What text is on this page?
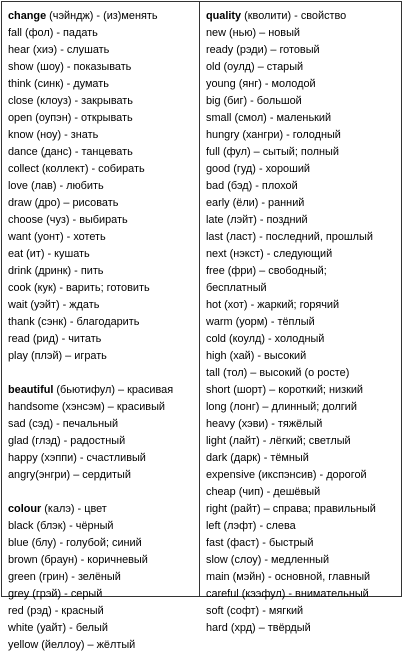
change (чэйндж) - (из)менять
fall (фол) - падать
hear (хиэ) - слушать
show (шоу) - показывать
think (синк) - думать
close (клоуз) - закрывать
open (оупэн) - открывать
know (ноу) - знать
dance (данс) - танцевать
collect (коллект) - собирать
love (лав) - любить
draw (дро) – рисовать
choose (чуз) - выбирать
want (уонт) - хотеть
eat (ит) - кушать
drink (дринк) - пить
cook (кук) - варить; готовить
wait (уэйт) - ждать
thank (сэнк) - благодарить
read (рид) - читать
play (плэй) – играть
beautiful (бьютифул) – красивая
handsome (хэнсэм) – красивый
sad (сэд) - печальный
glad (глэд) - радостный
happy (хэппи) - счастливый
angry(энгри) – сердитый
colour (калэ) - цвет
black (блэк) - чёрный
blue (блу) - голубой; синий
brown (браун) - коричневый
green (грин) - зелёный
grey (грэй) - серый
red (рэд) - красный
white (уайт) - белый
yellow (йеллоу) – жёлтый
quality (кволити) - свойство
new (нью) – новый
ready (рэди) – готовый
old (оулд) – старый
young (янг) - молодой
big (биг) - большой
small (смол) - маленький
hungry (хангри) - голодный
full (фул) – сытый; полный
good (гуд) - хороший
bad (бэд) - плохой
early (ёли) - ранний
late (лэйт) - поздний
last (ласт) - последний, прошлый
next (нэкст) - следующий
free (фри) – свободный;
бесплатный
hot (хот) - жаркий; горячий
warm (уорм) - тёплый
cold (коулд) - холодный
high (хай) - высокий
tall (тол) – высокий (о росте)
short (шорт) – короткий; низкий
long (лонг) – длинный; долгий
heavy (хэви) - тяжёлый
light (лайт) - лёгкий; светлый
dark (дарк) - тёмный
expensive (икспэнсив) - дорогой
cheap (чип) - дешёвый
right (райт) – справа; правильный
left (лэфт) - слева
fast (фаст) - быстрый
slow (слоу) - медленный
main (мэйн) - основной, главный
careful (кээфул) - внимательный
soft (софт) - мягкий
hard (хрд) – твёрдый
